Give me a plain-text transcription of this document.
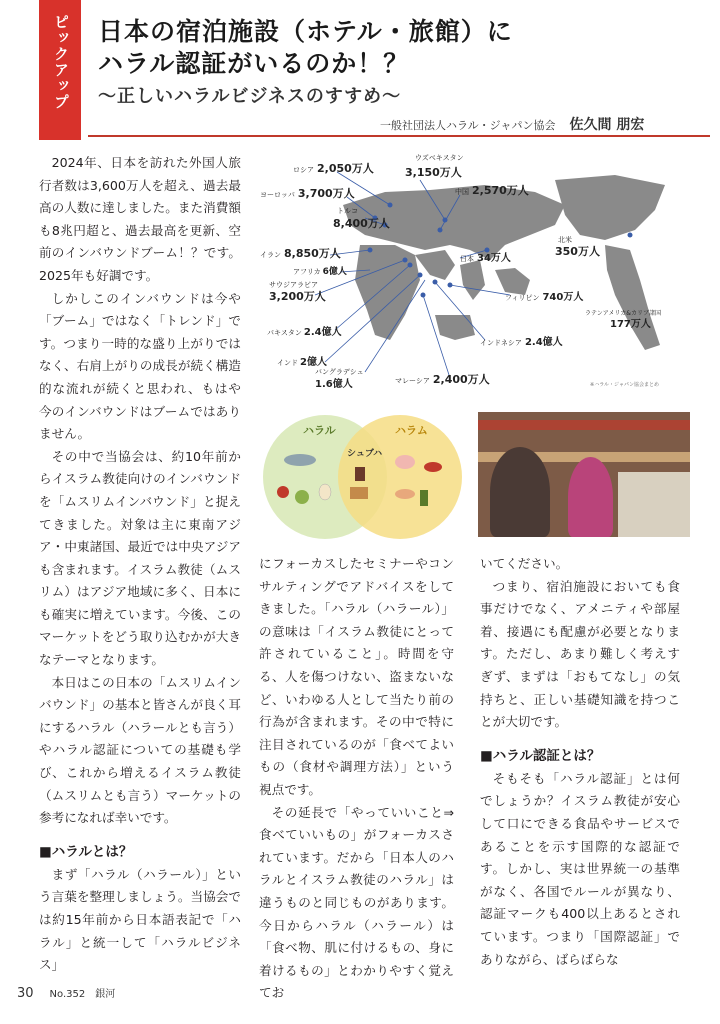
ピックアップ 日本の宿泊施設（ホテル・旅館）に
ハラル認証がいるのか！？
〜正しいハラルビジネスのすすめ〜
一般社団法人ハラル・ジャパン協会 佐久間 朋宏

2024年、日本を訪れた外国人旅行者数は3,600万人を超え、過去最高の人数に達しました。また消費額も8兆円超と、過去最高を更新、空前のインバウンドブーム！？です。2025年も好調です。

しかしこのインバウンドは今や「ブーム」ではなく「トレンド」です。つまり一時的な盛り上がりではなく、右肩上がりの成長が続く構造的な流れが続くと思われ、もはや今のインバウンドはブームではありません。

その中で当協会は、約10年前からイスラム教徒向けのインバウンドを「ムスリムインバウンド」と捉えてきました。対象は主に東南アジア・中東諸国、最近では中央アジアも含まれます。イスラム教徒（ムスリム）はアジア地域に多く、日本にも確実に増えています。今後、このマーケットをどう取り込むかが大きなテーマとなります。

本日はこの日本の「ムスリムインバウンド」の基本と皆さんが良く耳にするハラル（ハラールとも言う）やハラル認証についての基礎も学び、これから増えるイスラム教徒（ムスリムとも言う）マーケットの参考になれば幸いです。

■ハラルとは？

まず「ハラル（ハラール）」という言葉を整理しましょう。当協会では約15年前から日本語表記で「ハラル」と統一して「ハラルビジネス」

ロシア 2,050万人
ウズベキスタン
3,150万人
ヨーロッパ 3,700万人	中国 2,570万人
トルコ
8,400万人
イラン 8,850万人	日本 34万人
北米
350万人
アフリカ 6億人
サウジアラビア
3,200万人	フィリピン 740万人
ラテンアメリカ&カリブ諸国
177万人
パキスタン 2.4億人
インドネシア 2.4億人
インド 2億人
バングラデシュ
1.6億人	マレーシア 2,400万人	※ハラル・ジャパン協会まとめ
ハラル	ハラム
シュブハ

にフォーカスしたセミナーやコンサルティングでアドバイスをしてきました。「ハラル（ハラール）」の意味は「イスラム教徒にとって許されていること」。時間を守る、人を傷つけない、盗まないなど、いわゆる人として当たり前の行為が含まれます。その中で特に注目されているのが「食べてよいもの（食材や調理方法）」という視点です。

その延長で「やっていいこと⇒食べていいもの」がフォーカスされています。だから「日本人のハラルとイスラム教徒のハラル」は違うものと同じものがあります。今日からハラル（ハラール）は「食べ物、肌に付けるもの、身に着けるもの」とわかりやすく覚えてお

いてください。

つまり、宿泊施設においても食事だけでなく、アメニティや部屋着、接遇にも配慮が必要となります。ただし、あまり難しく考えすぎず、まずは「おもてなし」の気持ちと、正しい基礎知識を持つことが大切です。

■ハラル認証とは？

そもそも「ハラル認証」とは何でしょうか？イスラム教徒が安心して口にできる食品やサービスであることを示す国際的な認証です。しかし、実は世界統一の基準がなく、各国でルールが異なり、認証マークも400以上あるとされています。つまり「国際認証」でありながら、ばらばらな

30 No.352　銀河
